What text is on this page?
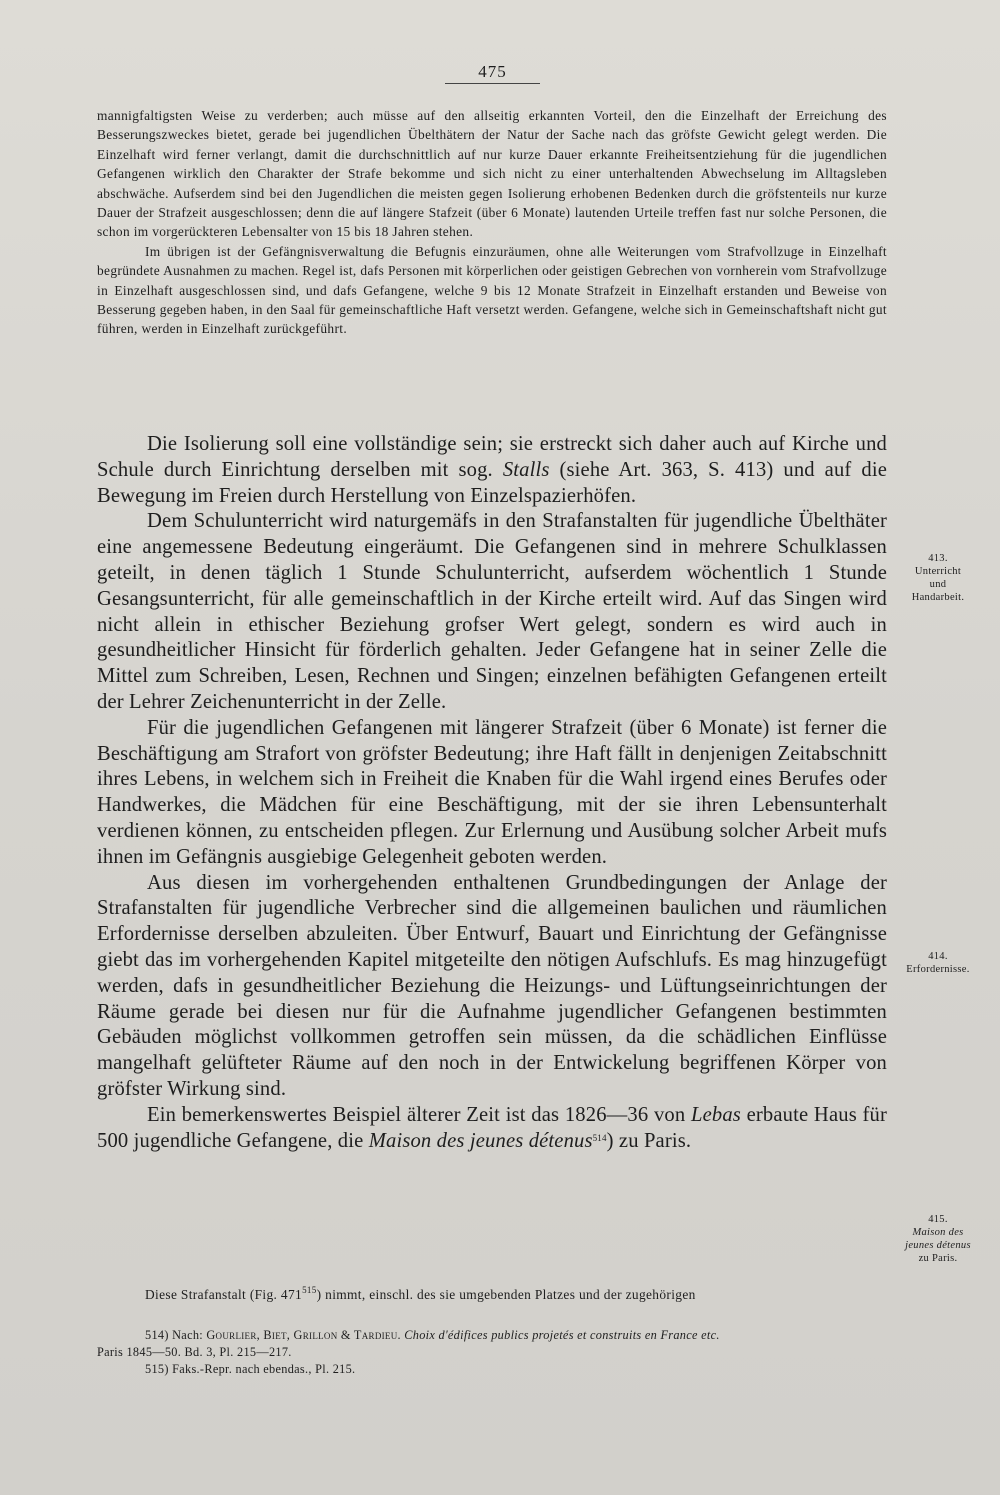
475

mannigfaltigsten Weise zu verderben; auch müsse auf den allseitig erkannten Vorteil, den die Einzelhaft der Erreichung des Besserungszweckes bietet, gerade bei jugendlichen Übelthätern der Natur der Sache nach das gröfste Gewicht gelegt werden. Die Einzelhaft wird ferner verlangt, damit die durchschnittlich auf nur kurze Dauer erkannte Freiheitsentziehung für die jugendlichen Gefangenen wirklich den Charakter der Strafe bekomme und sich nicht zu einer unterhaltenden Abwechselung im Alltagsleben abschwäche. Aufserdem sind bei den Jugendlichen die meisten gegen Isolierung erhobenen Bedenken durch die gröfstenteils nur kurze Dauer der Strafzeit ausgeschlossen; denn die auf längere Stafzeit (über 6 Monate) lautenden Urteile treffen fast nur solche Personen, die schon im vorgerückteren Lebensalter von 15 bis 18 Jahren stehen.

Im übrigen ist der Gefängnisverwaltung die Befugnis einzuräumen, ohne alle Weiterungen vom Strafvollzuge in Einzelhaft begründete Ausnahmen zu machen. Regel ist, dafs Personen mit körperlichen oder geistigen Gebrechen von vornherein vom Strafvollzuge in Einzelhaft ausgeschlossen sind, und dafs Gefangene, welche 9 bis 12 Monate Strafzeit in Einzelhaft erstanden und Beweise von Besserung gegeben haben, in den Saal für gemeinschaftliche Haft versetzt werden. Gefangene, welche sich in Gemeinschaftshaft nicht gut führen, werden in Einzelhaft zurückgeführt.

Die Isolierung soll eine vollständige sein; sie erstreckt sich daher auch auf Kirche und Schule durch Einrichtung derselben mit sog. Stalls (siehe Art. 363, S. 413) und auf die Bewegung im Freien durch Herstellung von Einzelspazierhöfen.

Dem Schulunterricht wird naturgemäfs in den Strafanstalten für jugendliche Übelthäter eine angemessene Bedeutung eingeräumt. Die Gefangenen sind in mehrere Schulklassen geteilt, in denen täglich 1 Stunde Schulunterricht, aufserdem wöchentlich 1 Stunde Gesangsunterricht, für alle gemeinschaftlich in der Kirche erteilt wird. Auf das Singen wird nicht allein in ethischer Beziehung grofser Wert gelegt, sondern es wird auch in gesundheitlicher Hinsicht für förderlich gehalten. Jeder Gefangene hat in seiner Zelle die Mittel zum Schreiben, Lesen, Rechnen und Singen; einzelnen befähigten Gefangenen erteilt der Lehrer Zeichenunterricht in der Zelle.

Für die jugendlichen Gefangenen mit längerer Strafzeit (über 6 Monate) ist ferner die Beschäftigung am Strafort von gröfster Bedeutung; ihre Haft fällt in denjenigen Zeitabschnitt ihres Lebens, in welchem sich in Freiheit die Knaben für die Wahl irgend eines Berufes oder Handwerkes, die Mädchen für eine Beschäftigung, mit der sie ihren Lebensunterhalt verdienen können, zu entscheiden pflegen. Zur Erlernung und Ausübung solcher Arbeit mufs ihnen im Gefängnis ausgiebige Gelegenheit geboten werden.

Aus diesen im vorhergehenden enthaltenen Grundbedingungen der Anlage der Strafanstalten für jugendliche Verbrecher sind die allgemeinen baulichen und räumlichen Erfordernisse derselben abzuleiten. Über Entwurf, Bauart und Einrichtung der Gefängnisse giebt das im vorhergehenden Kapitel mitgeteilte den nötigen Aufschlufs. Es mag hinzugefügt werden, dafs in gesundheitlicher Beziehung die Heizungs- und Lüftungseinrichtungen der Räume gerade bei diesen nur für die Aufnahme jugendlicher Gefangenen bestimmten Gebäuden möglichst vollkommen getroffen sein müssen, da die schädlichen Einflüsse mangelhaft gelüfteter Räume auf den noch in der Entwickelung begriffenen Körper von gröfster Wirkung sind.

Ein bemerkenswertes Beispiel älterer Zeit ist das 1826—36 von Lebas erbaute Haus für 500 jugendliche Gefangene, die Maison des jeunes détenus$^{514}$) zu Paris.

Diese Strafanstalt (Fig. $471^{515}$) nimmt, einschl. des sie umgebenden Platzes und der zugehörigen

413.
Unterricht
und
Handarbeit.
414.
Erfordernisse.
415.
Maison des
jeunes détenus
zu Paris.

514) Nach: Gourlier, Biet, Grillon & Tardieu. Choix d'édifices publics projetés et construits en France etc.

Paris 1845—50. Bd. 3, Pl. 215—217.

515) Faks.-Repr. nach ebendas., Pl. 215.
